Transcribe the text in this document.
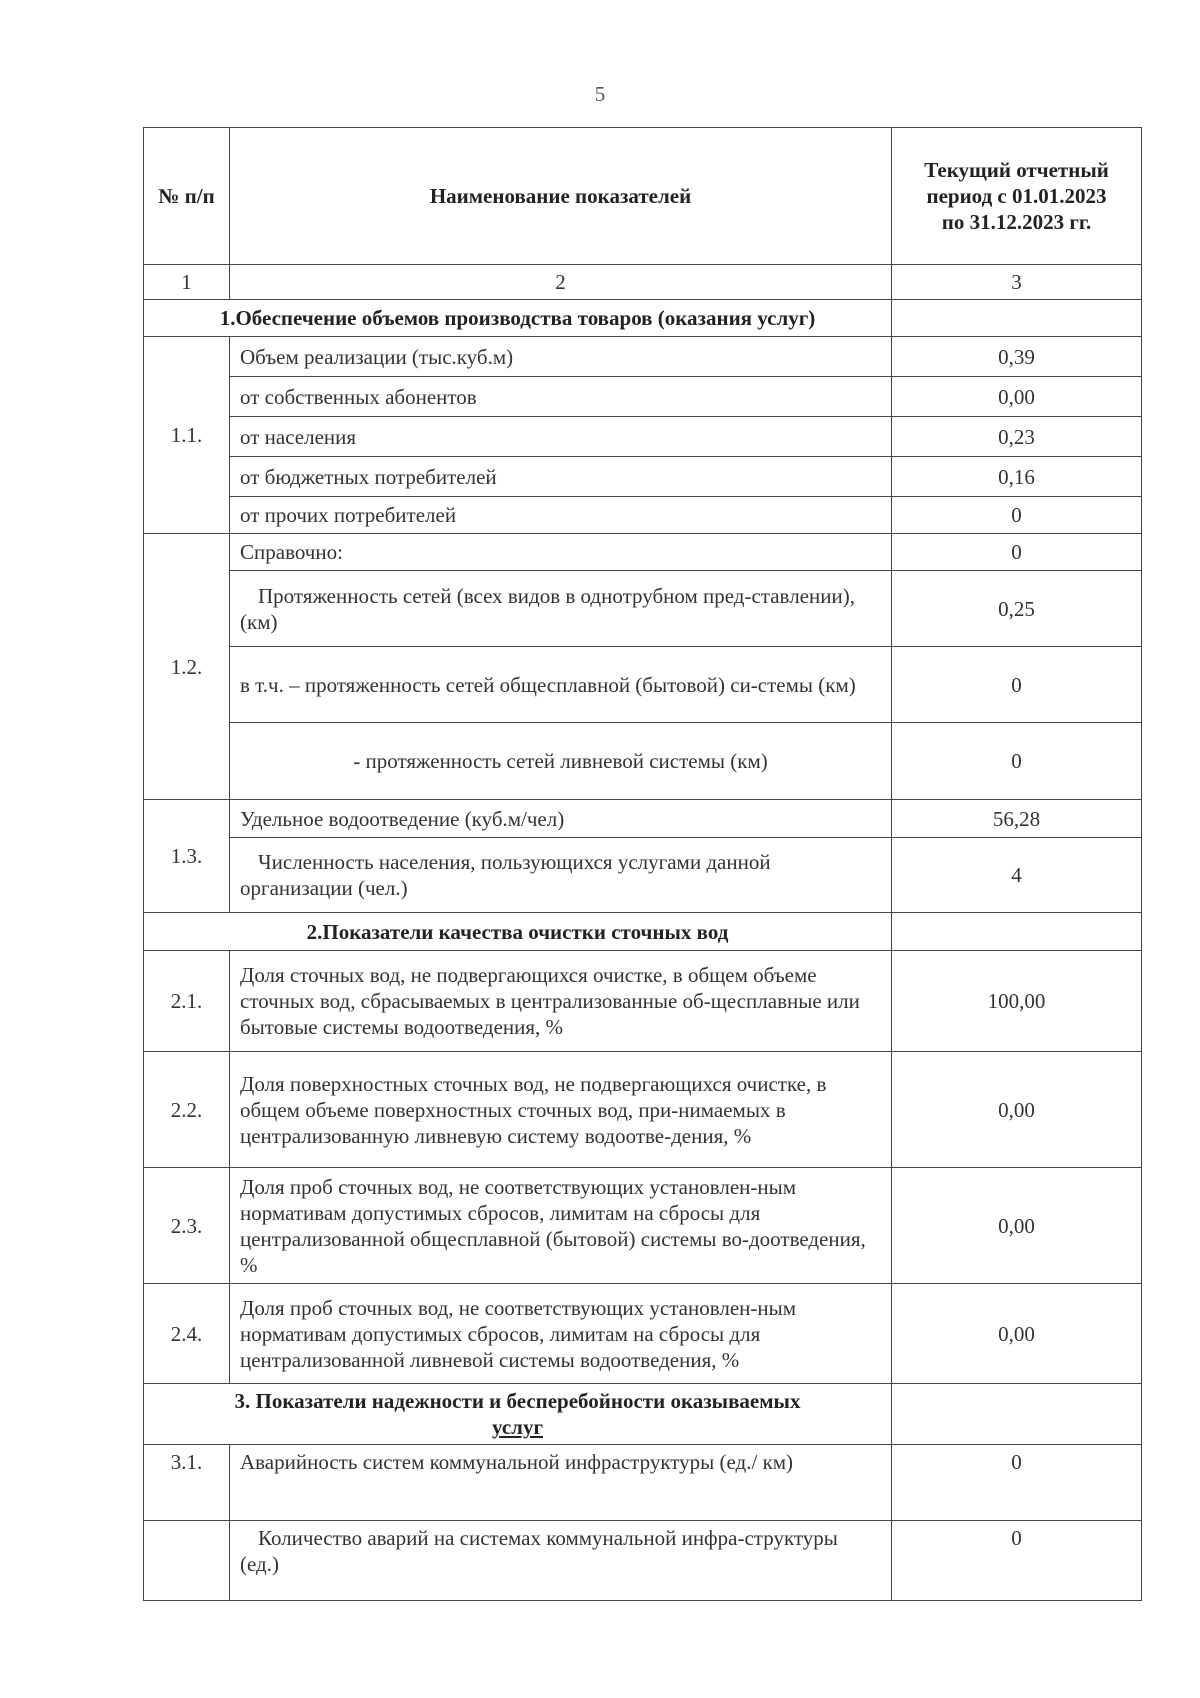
5
№ п/п	Наименование показателей	Текущий отчетный
период с 01.01.2023
по 31.12.2023 гг.

1	2	3
1.Обеспечение объемов производства товаров (оказания услуг)		
1.1.	Объем реализации (тыс.куб.м)	0,39
	от собственных абонентов	0,00
	от населения	0,23
	от бюджетных потребителей	0,16
	от прочих потребителей	0
1.2.	Справочно:	0
	Протяженность сетей (всех видов в однотрубном пред-ставлении), (км)	0,25
	в т.ч. – протяженность сетей общесплавной (бытовой) си-стемы (км)	0
	- протяженность сетей ливневой системы (км)	0
1.3.	Удельное водоотведение (куб.м/чел)	56,28
	Численность населения, пользующихся услугами данной организации (чел.)	4
2.Показатели качества очистки сточных вод		
2.1.	Доля сточных вод, не подвергающихся очистке, в общем объеме сточных вод, сбрасываемых в централизованные об-щесплавные или бытовые системы водоотведения, %	100,00
2.2.	Доля поверхностных сточных вод, не подвергающихся очистке, в общем объеме поверхностных сточных вод, при-нимаемых в централизованную ливневую систему водоотве-дения, %	0,00
2.3.	Доля проб сточных вод, не соответствующих установлен-ным нормативам допустимых сбросов, лимитам на сбросы для централизованной общесплавной (бытовой) системы во-доотведения, %	0,00
2.4.	Доля проб сточных вод, не соответствующих установлен-ным нормативам допустимых сбросов, лимитам на сбросы для централизованной ливневой системы водоотведения, %	0,00

3. Показатели надежности и бесперебойности оказываемых
услуг		

3.1.	Аварийность систем коммунальной инфраструктуры (ед./ км)	0
	Количество аварий на системах коммунальной инфра-структуры (ед.)	0
